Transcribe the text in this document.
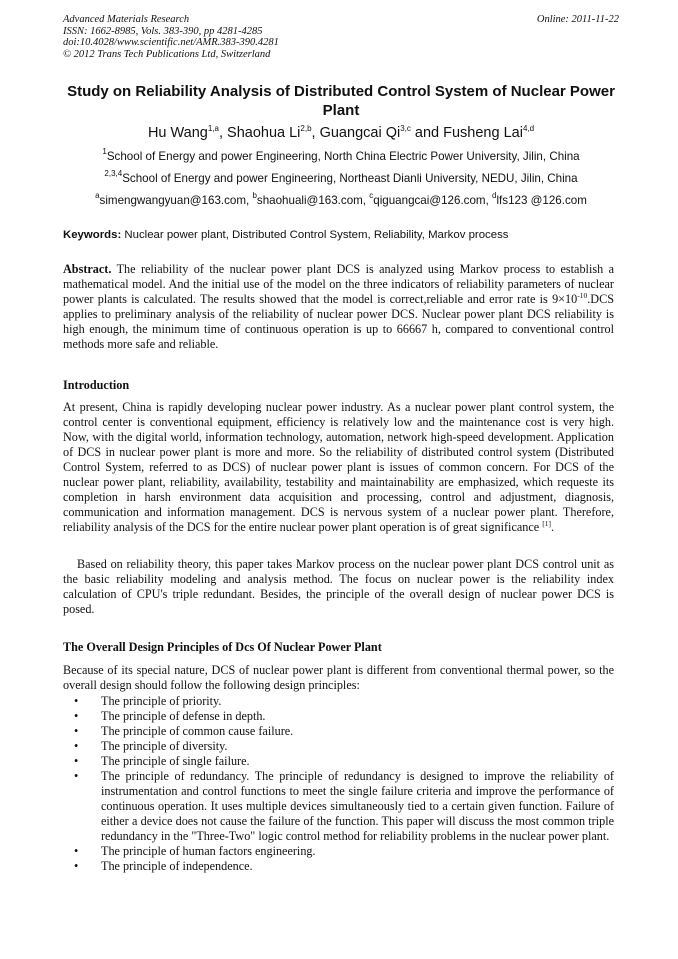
Advanced Materials Research
ISSN: 1662-8985, Vols. 383-390, pp 4281-4285
doi:10.4028/www.scientific.net/AMR.383-390.4281
© 2012 Trans Tech Publications Ltd, Switzerland
Online: 2011-11-22
Study on Reliability Analysis of Distributed Control System of Nuclear Power Plant
Hu Wang$^{1,a}$, Shaohua Li$^{2,b}$, Guangcai Qi$^{3,c}$ and Fusheng Lai$^{4,d}$
$^1$School of Energy and power Engineering, North China Electric Power University, Jilin, China
$^{2,3,4}$School of Energy and power Engineering, Northeast Dianli University, NEDU, Jilin, China
$^a$simengwangyuan@163.com, $^b$shaohuali@163.com, $^c$qiguangcai@126.com, $^d$lfs123 @126.com
Keywords: Nuclear power plant, Distributed Control System, Reliability, Markov process
Abstract. The reliability of the nuclear power plant DCS is analyzed using Markov process to establish a mathematical model. And the initial use of the model on the three indicators of reliability parameters of nuclear power plants is calculated. The results showed that the model is correct,reliable and error rate is $9\times 10^{-10}.DCS$ applies to preliminary analysis of the reliability of nuclear power DCS. Nuclear power plant DCS reliability is high enough, the minimum time of continuous operation is up to 66667 h, compared to conventional control methods more safe and reliable.
Introduction
At present, China is rapidly developing nuclear power industry. As a nuclear power plant control system, the control center is conventional equipment, efficiency is relatively low and the maintenance cost is very high. Now, with the digital world, information technology, automation, network high-speed development. Application of DCS in nuclear power plant is more and more. So the reliability of distributed control system (Distributed Control System, referred to as DCS) of nuclear power plant is issues of common concern. For DCS of the nuclear power plant, reliability, availability, testability and maintainability are emphasized, which requeste its completion in harsh environment data acquisition and processing, control and adjustment, diagnosis, communication and information management. DCS is nervous system of a nuclear power plant. Therefore, reliability analysis of the DCS for the entire nuclear power plant operation is of great significance [1].
Based on reliability theory, this paper takes Markov process on the nuclear power plant DCS control unit as the basic reliability modeling and analysis method. The focus on nuclear power is the reliability index calculation of CPU's triple redundant. Besides, the principle of the overall design of nuclear power DCS is posed.
The Overall Design Principles of Dcs Of Nuclear Power Plant
Because of its special nature, DCS of nuclear power plant is different from conventional thermal power, so the overall design should follow the following design principles:
• The principle of priority.
• The principle of defense in depth.
• The principle of common cause failure.
• The principle of diversity.
• The principle of single failure.
• The principle of redundancy. The principle of redundancy is designed to improve the reliability of instrumentation and control functions to meet the single failure criteria and improve the performance of continuous operation. It uses multiple devices simultaneously tied to a certain given function. Failure of either a device does not cause the failure of the function. This paper will discuss the most common triple redundancy in the "Three-Two" logic control method for reliability problems in the nuclear power plant.
• The principle of human factors engineering.
• The principle of independence.
